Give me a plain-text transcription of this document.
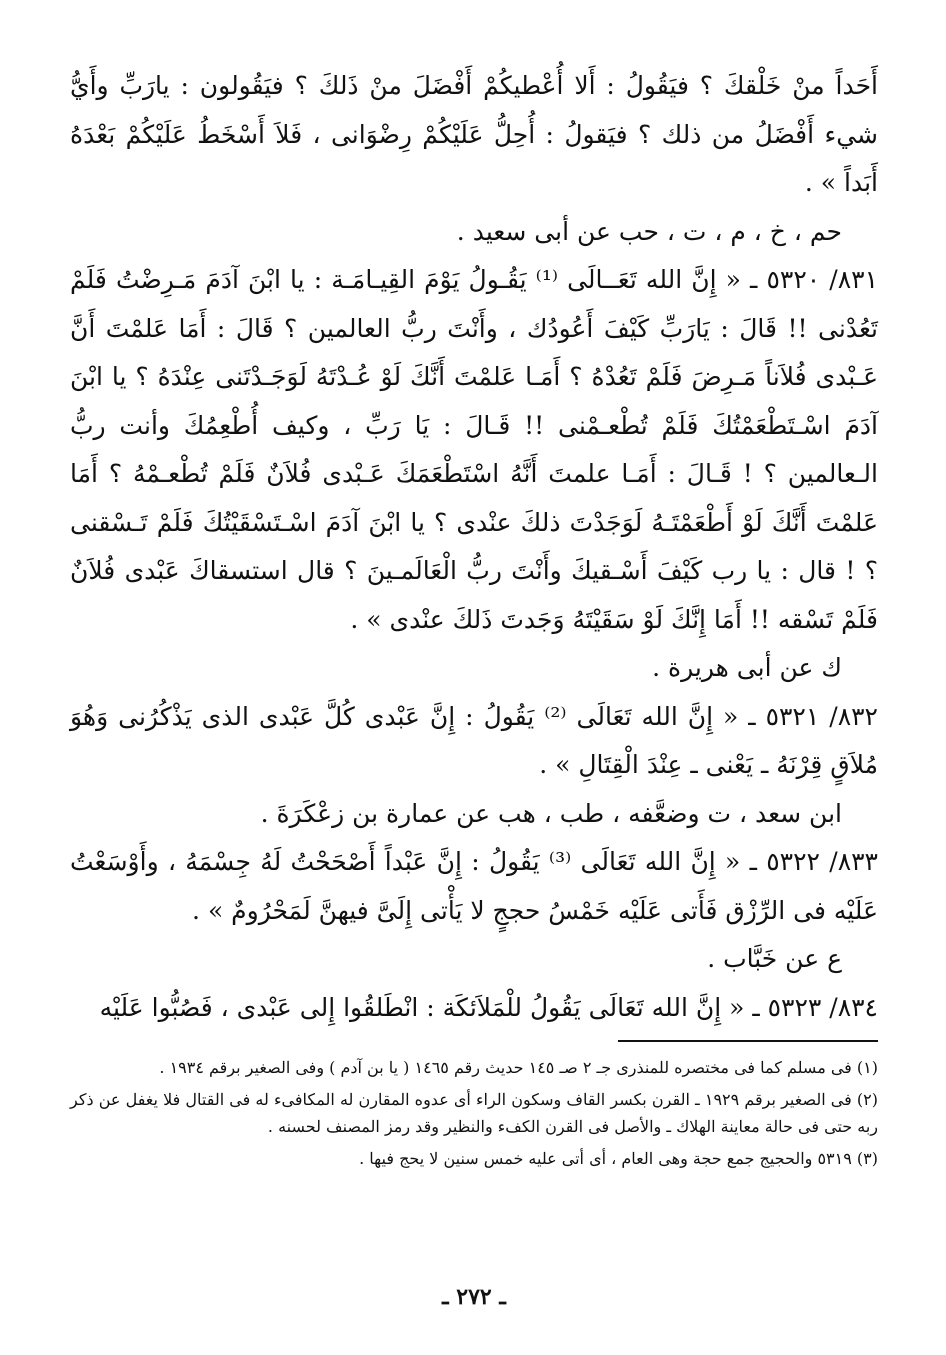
أَحَداً منْ خَلْقكَ ؟ فيَقُولُ : أَلا أُعْطيكُمْ أَفْضَلَ منْ ذَلكَ ؟ فيَقُولون : يارَبِّ وأَيُّ شيء أَفْضَلُ من ذلك ؟ فيَقولُ : أُحِلُّ عَلَيْكُمْ رِضْوَانى ، فَلاَ أَسْخَطُ عَلَيْكُمْ بَعْدَهُ أَبَداً » .

حم ، خ ، م ، ت ، حب عن أبى سعيد .

٨٣١/ ٥٣٢٠ ـ « إِنَّ الله تَعَــالَى ⁽¹⁾ يَقُـولُ يَوْمَ القِيـامَـة : يا ابْنَ آدَمَ مَـرِضْتُ فَلَمْ تَعُدْنى !! قَالَ : يَارَبِّ كَيْفَ أَعُودُك ، وأَنْتَ ربُّ العالمين ؟ قَالَ : أَمَا عَلمْتَ أَنَّ عَـبْدى فُلاَناً مَـرِضَ فَلَمْ تَعُدْهُ ؟ أَمَـا عَلمْتَ أَنَّكَ لَوْ عُـدْتَهُ لَوَجَـدْتَنى عِنْدَهُ ؟ يا ابْنَ آدَمَ اسْـتَطْعَمْتُكَ فَلَمْ تُطْعـمْنى !! قَـالَ : يَا رَبِّ ، وكيف أُطْعِمُكَ وأنت ربُّ الـعالمين ؟ ! قَـالَ : أَمَـا علمتَ أَنَّهُ اسْتَطْعَمَكَ عَـبْدى فُلاَنٌ فَلَمْ تُطْعـمْهُ ؟ أَمَا عَلمْتَ أَنَّكَ لَوْ أَطْعَمْتَـهُ لَوَجَدْتَ ذلكَ عنْدى ؟ يا ابْنَ آدَمَ اسْـتَسْقَيْتُكَ فَلَمْ تَـسْقنى ؟ ! قال : يا رب كَيْفَ أَسْـقيكَ وأَنْتَ ربُّ الْعَالَمـينَ ؟ قال استسقاكَ عَبْدى فُلاَنٌ فَلَمْ تَسْقه !! أَمَا إِنَّكَ لَوْ سَقَيْتَهُ وَجَدتَ ذَلكَ عنْدى » .

ك عن أبى هريرة .

٨٣٢/ ٥٣٢١ ـ « إِنَّ الله تَعَالَى ⁽²⁾ يَقُولُ : إِنَّ عَبْدى كُلَّ عَبْدى الذى يَذْكُرُنى وَهُوَ مُلاَقٍ قِرْنَهُ ـ يَعْنى ـ عِنْدَ الْقِتَالِ » .

ابن سعد ، ت وضعَّفه ، طب ، هب عن عمارة بن زعْكَرَةَ .

٨٣٣/ ٥٣٢٢ ـ « إِنَّ الله تَعَالَى ⁽³⁾ يَقُولُ : إِنَّ عَبْداً أَصْحَحْتُ لَهُ جِسْمَهُ ، وأَوْسَعْتُ عَلَيْه فى الرِّزْق فَأَتى عَلَيْه خَمْسُ حججٍ لا يَأْتى إِلَىَّ فيهنَّ لَمَحْرُومٌ » .

ع عن خَبَّاب .

٨٣٤/ ٥٣٢٣ ـ « إِنَّ الله تَعَالَى يَقُولُ للْمَلاَئكَة : انْطَلقُوا إِلى عَبْدى ، فَصُبُّوا عَلَيْه

(١) فى مسلم كما فى مختصره للمنذرى جـ ٢ صـ ١٤٥ حديث رقم ١٤٦٥ ( يا بن آدم ) وفى الصغير برقم ١٩٣٤ .

(٢) فى الصغير برقم ١٩٢٩ ـ القرن بكسر القاف وسكون الراء أى عدوه المقارن له المكافىء له فى القتال فلا يغفل عن ذكر ربه حتى فى حالة معاينة الهلاك ـ والأصل فى القرن الكفء والنظير وقد رمز المصنف لحسنه .

(٣) ٥٣١٩ والحجيج جمع حجة وهى العام ، أى أتى عليه خمس سنين لا يحج فيها .

ـ ٢٧٢ ـ
